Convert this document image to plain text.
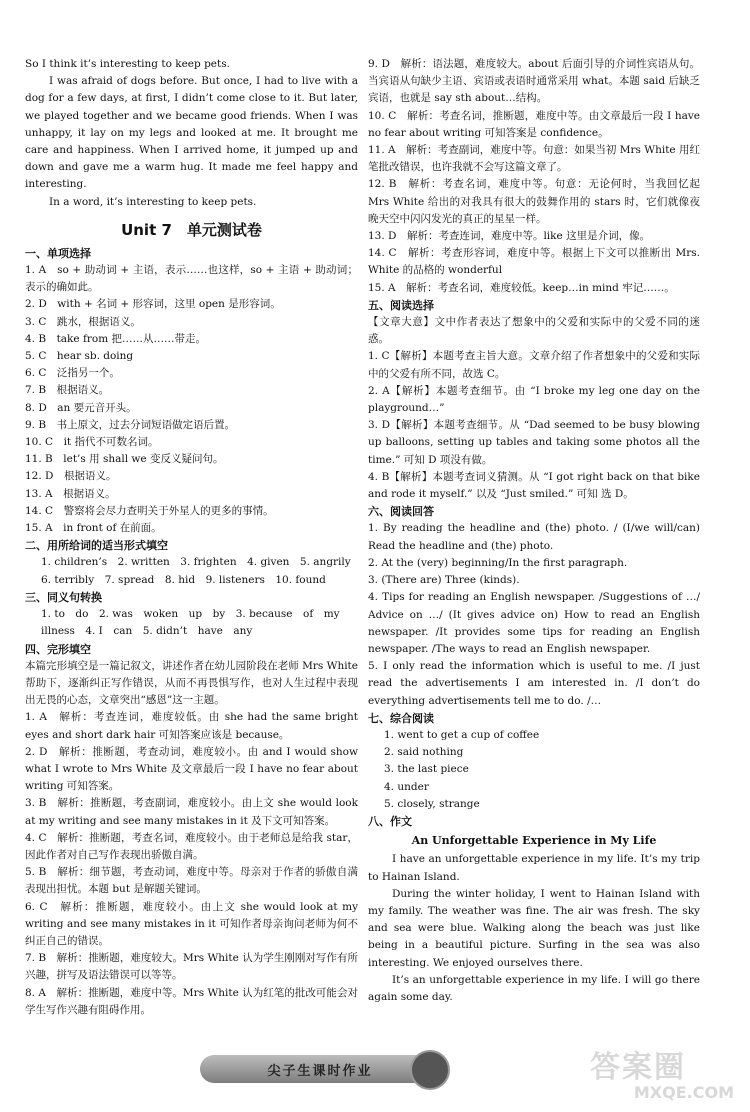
So I think it’s interesting to keep pets.

I was afraid of dogs before. But once, I had to live with a dog for a few days, at first, I didn’t come close to it. But later, we played together and we became good friends. When I was unhappy, it lay on my legs and looked at me. It brought me care and happiness. When I arrived home, it jumped up and down and gave me a warm hug. It made me feel happy and interesting.

In a word, it’s interesting to keep pets.

Unit 7　单元测试卷

一、单项选择

1. A　so + 助动词 + 主语，表示……也这样，so + 主语 + 助动词；表示的确如此。

2. D　with + 名词 + 形容词，这里 open 是形容词。

3. C　跳水，根据语义。

4. B　take from 把……从……带走。

5. C　hear sb. doing

6. C　泛指另一个。

7. B　根据语义。

8. D　an 要元音开头。

9. B　书上原文，过去分词短语做定语后置。

10. C　it 指代不可数名词。

11. B　let’s 用 shall we 变反义疑问句。

12. D　根据语义。

13. A　根据语义。

14. C　警察将会尽力查明关于外星人的更多的事情。

15. A　in front of 在前面。

二、用所给词的适当形式填空

1. children’s　2. written　3. frighten　4. given　5. angrily

6. terribly　7. spread　8. hid　9. listeners　10. found

三、同义句转换

1. to　do　2. was　woken　up　by　3. because　of　my

illness　4. I　can　5. didn’t　have　any

四、完形填空

本篇完形填空是一篇记叙文，讲述作者在幼儿园阶段在老师 Mrs White 帮助下，逐渐纠正写作错误，从而不再畏惧写作，也对人生过程中表现出无畏的心态，文章突出“感恩”这一主题。

1. A　解析：考查连词，难度较低。由 she had the same bright eyes and short dark hair 可知答案应该是 because。

2. D　解析：推断题，考查动词，难度较小。由 and I would show what I wrote to Mrs White 及文章最后一段 I have no fear about writing 可知答案。

3. B　解析：推断题，考查副词，难度较小。由上文 she would look at my writing and see many mistakes in it 及下文可知答案。

4. C　解析：推断题，考查名词，难度较小。由于老师总是给我 star，因此作者对自己写作表现出骄傲自满。

5. B　解析：细节题，考查动词，难度中等。母亲对于作者的骄傲自满表现出担忧。本题 but 是解题关键词。

6. C　解析：推断题，难度较小。由上文 she would look at my writing and see many mistakes in it 可知作者母亲询问老师为何不纠正自己的错误。

7. B　解析：推断题，难度较大。Mrs White 认为学生刚刚对写作有所兴趣，拼写及语法错误可以等等。

8. A　解析：推断题，难度中等。Mrs White 认为红笔的批改可能会对学生写作兴趣有阻碍作用。

9. D　解析：语法题，难度较大。about 后面引导的介词性宾语从句。当宾语从句缺少主语、宾语或表语时通常采用 what。本题 said 后缺乏宾语，也就是 say sth about…结构。

10. C　解析：考查名词，推断题，难度中等。由文章最后一段 I have no fear about writing 可知答案是 confidence。

11. A　解析：考查副词，难度中等。句意：如果当初 Mrs White 用红笔批改错误，也许我就不会写这篇文章了。

12. B　解析：考查名词，难度中等。句意：无论何时，当我回忆起 Mrs White 给出的对我具有很大的鼓舞作用的 stars 时，它们就像夜晚天空中闪闪发光的真正的星星一样。

13. D　解析：考查连词，难度中等。like 这里是介词，像。

14. C　解析：考查形容词，难度中等。根据上下文可以推断出 Mrs. White 的品格的 wonderful

15. A　解析：考查名词，难度较低。keep…in mind 牢记……。

五、阅读选择

【文章大意】文中作者表达了想象中的父爱和实际中的父爱不同的迷惑。

1. C【解析】本题考查主旨大意。文章介绍了作者想象中的父爱和实际中的父爱有所不同，故选 C。

2. A【解析】本题考查细节。由 “I broke my leg one day on the playground…”

3. D【解析】本题考查细节。从 “Dad seemed to be busy blowing up balloons, setting up tables and taking some photos all the time.” 可知 D 项没有做。

4. B【解析】本题考查词义猜测。从 “I got right back on that bike and rode it myself.” 以及 “Just smiled.” 可知 选 D。

六、阅读回答

1. By reading the headline and (the) photo. / (I/we will/can) Read the headline and (the) photo.

2. At the (very) beginning/In the first paragraph.

3. (There are) Three (kinds).

4. Tips for reading an English newspaper. /Suggestions of …/ Advice on …/ (It gives advice on) How to read an English newspaper. /It provides some tips for reading an English newspaper. /The ways to read an English newspaper.

5. I only read the information which is useful to me. /I just read the advertisements I am interested in. /I don’t do everything advertisements tell me to do. /…

七、综合阅读

1. went to get a cup of coffee

2. said nothing

3. the last piece

4. under

5. closely, strange

八、作文

An Unforgettable Experience in My Life

I have an unforgettable experience in my life. It’s my trip to Hainan Island.

During the winter holiday, I went to Hainan Island with my family. The weather was fine. The air was fresh. The sky and sea were blue. Walking along the beach was just like being in a beautiful picture. Surfing in the sea was also interesting. We enjoyed ourselves there.

It’s an unforgettable experience in my life. I will go there again some day.

尖子生课时作业	答案圈
MXQE.COM
